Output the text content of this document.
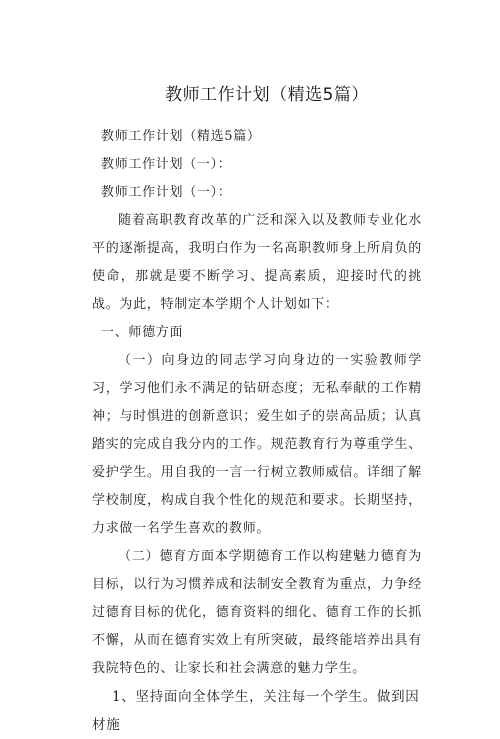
教师工作计划（精选5篇）

教师工作计划（精选5篇）

教师工作计划（一）：

教师工作计划（一）：

随着高职教育改革的广泛和深入以及教师专业化水平的逐渐提高，我明白作为一名高职教师身上所肩负的使命，那就是要不断学习、提高素质，迎接时代的挑战。为此，特制定本学期个人计划如下：

一、师德方面

（一）向身边的同志学习向身边的一实验教师学习，学习他们永不满足的钻研态度；无私奉献的工作精神；与时惧进的创新意识；爱生如子的崇高品质；认真踏实的完成自我分内的工作。规范教育行为尊重学生、爱护学生。用自我的一言一行树立教师威信。详细了解学校制度，构成自我个性化的规范和要求。长期坚持，力求做一名学生喜欢的教师。

（二）德育方面本学期德育工作以构建魅力德育为目标，以行为习惯养成和法制安全教育为重点，力争经过德育目标的优化，德育资料的细化、德育工作的长抓不懈，从而在德育实效上有所突破，最终能培养出具有我院特色的、让家长和社会满意的魅力学生。

1、坚持面向全体学生，关注每一个学生。做到因材施
